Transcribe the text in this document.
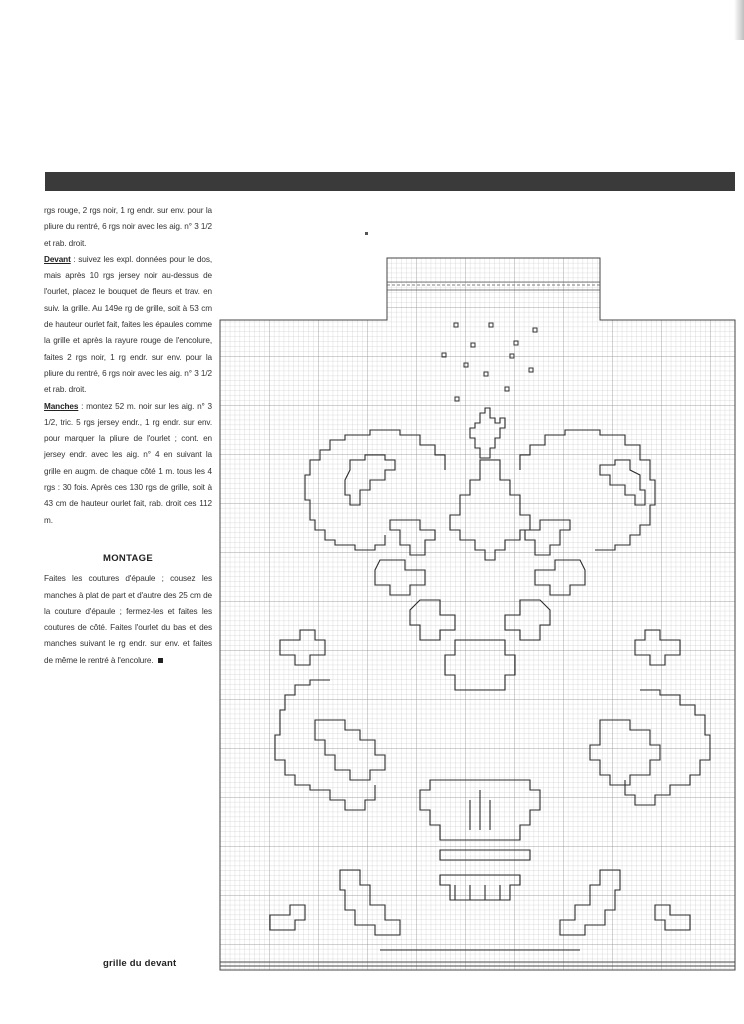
rgs rouge, 2 rgs noir, 1 rg endr. sur env. pour la pliure du rentré, 6 rgs noir avec les aig. n° 3 1/2 et rab. droit.

Devant : suivez les expl. données pour le dos, mais après 10 rgs jersey noir au-dessus de l'ourlet, placez le bouquet de fleurs et trav. en suiv. la grille. Au 149e rg de grille, soit à 53 cm de hauteur ourlet fait, faites les épaules comme la grille et après la rayure rouge de l'encolure, faites 2 rgs noir, 1 rg endr. sur env. pour la pliure du rentré, 6 rgs noir avec les aig. n° 3 1/2 et rab. droit.

Manches : montez 52 m. noir sur les aig. n° 3 1/2, tric. 5 rgs jersey endr., 1 rg endr. sur env. pour marquer la pliure de l'ourlet ; cont. en jersey endr. avec les aig. n° 4 en suivant la grille en augm. de chaque côté 1 m. tous les 4 rgs : 30 fois. Après ces 130 rgs de grille, soit à 43 cm de hauteur ourlet fait, rab. droit ces 112 m.

MONTAGE

Faites les coutures d'épaule ; cousez les manches à plat de part et d'autre des 25 cm de la couture d'épaule ; fermez-les et faites les coutures de côté. Faites l'ourlet du bas et des manches suivant le rg endr. sur env. et faites de même le rentré à l'encolure.

grille du devant
